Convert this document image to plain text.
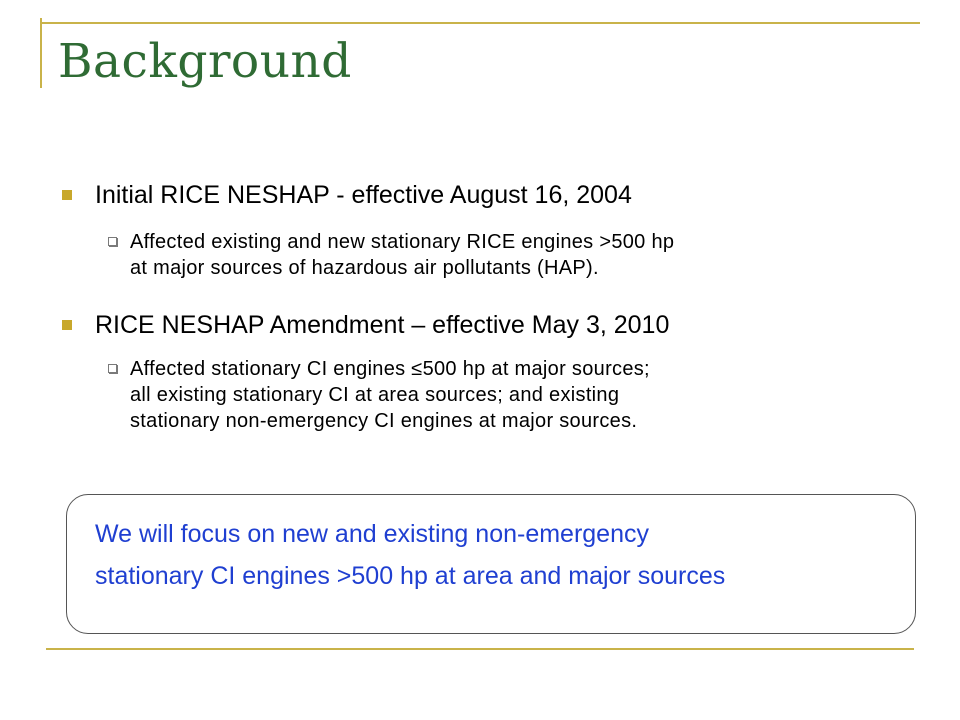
Background
Initial RICE NESHAP - effective August 16, 2004
Affected existing and new stationary RICE engines >500 hp
at major sources of hazardous air pollutants (HAP).
RICE NESHAP Amendment – effective May 3, 2010
Affected stationary CI engines ≤500 hp at major sources;
all existing stationary CI at area sources; and existing
stationary non-emergency CI engines at major sources.
We will focus on new and existing non-emergency
stationary CI engines >500 hp at area and major sources
